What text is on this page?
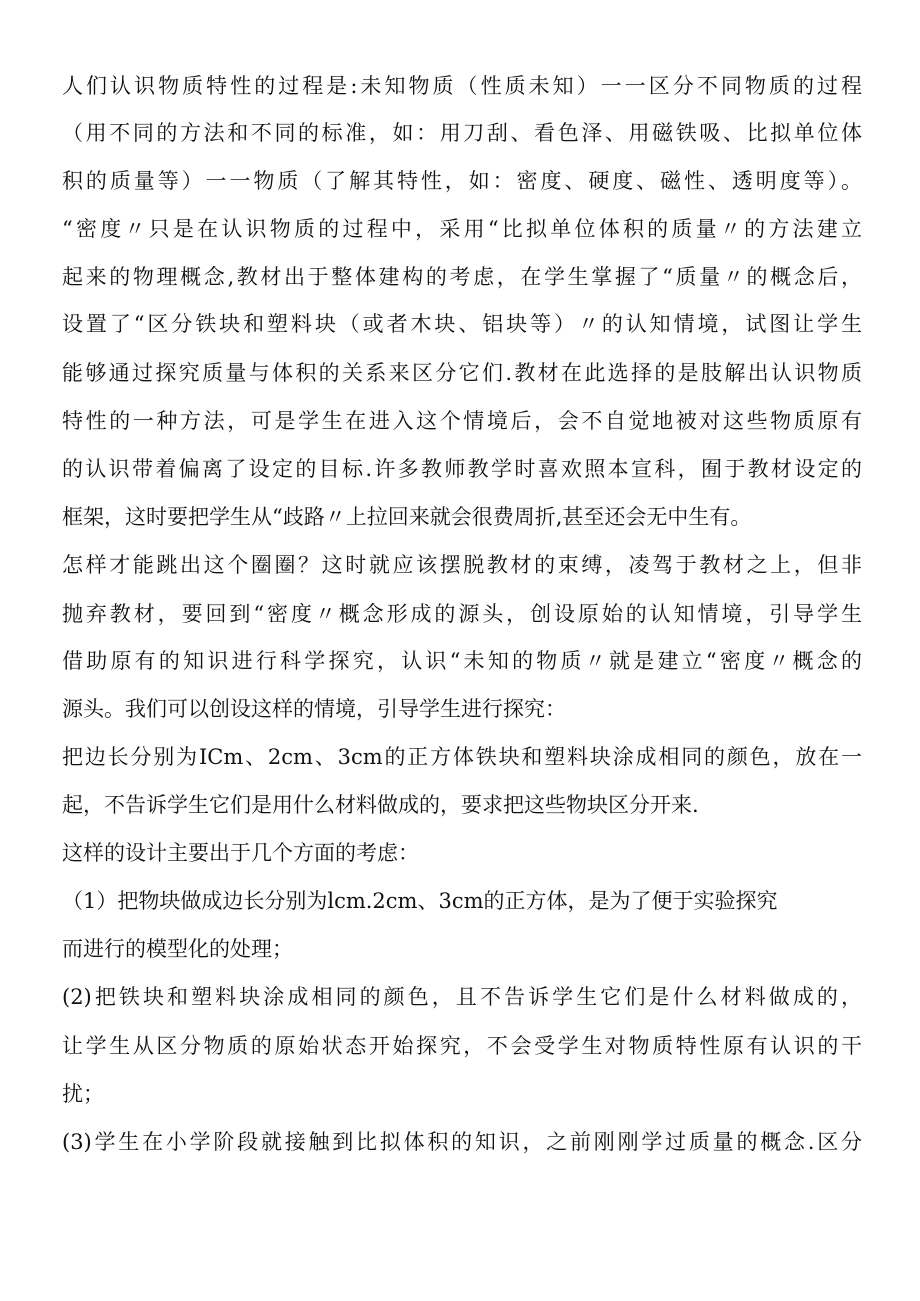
人们认识物质特性的过程是:未知物质（性质未知）一一区分不同物质的过程

（用不同的方法和不同的标准，如：用刀刮、看色泽、用磁铁吸、比拟单位体

积的质量等）一一物质（了解其特性，如：密度、硬度、磁性、透明度等）。

“密度〃只是在认识物质的过程中，采用“比拟单位体积的质量〃的方法建立

起来的物理概念,教材出于整体建构的考虑，在学生掌握了“质量〃的概念后，

设置了“区分铁块和塑料块（或者木块、铝块等）〃的认知情境，试图让学生

能够通过探究质量与体积的关系来区分它们.教材在此选择的是肢解出认识物质

特性的一种方法，可是学生在进入这个情境后，会不自觉地被对这些物质原有

的认识带着偏离了设定的目标.许多教师教学时喜欢照本宣科，囿于教材设定的

框架，这时要把学生从“歧路〃上拉回来就会很费周折,甚至还会无中生有。

怎样才能跳出这个圈圈？这时就应该摆脱教材的束缚，凌驾于教材之上，但非

抛弃教材，要回到“密度〃概念形成的源头，创设原始的认知情境，引导学生

借助原有的知识进行科学探究，认识“未知的物质〃就是建立“密度〃概念的

源头。我们可以创设这样的情境，引导学生进行探究：

把边长分别为ICm、2cm、3cm的正方体铁块和塑料块涂成相同的颜色，放在一

起，不告诉学生它们是用什么材料做成的，要求把这些物块区分开来.

这样的设计主要出于几个方面的考虑：

（1）把物块做成边长分别为lcm.2cm、3cm的正方体，是为了便于实验探究

而进行的模型化的处理；

(2)把铁块和塑料块涂成相同的颜色，且不告诉学生它们是什么材料做成的，

让学生从区分物质的原始状态开始探究，不会受学生对物质特性原有认识的干

扰；

(3)学生在小学阶段就接触到比拟体积的知识，之前刚刚学过质量的概念.区分
